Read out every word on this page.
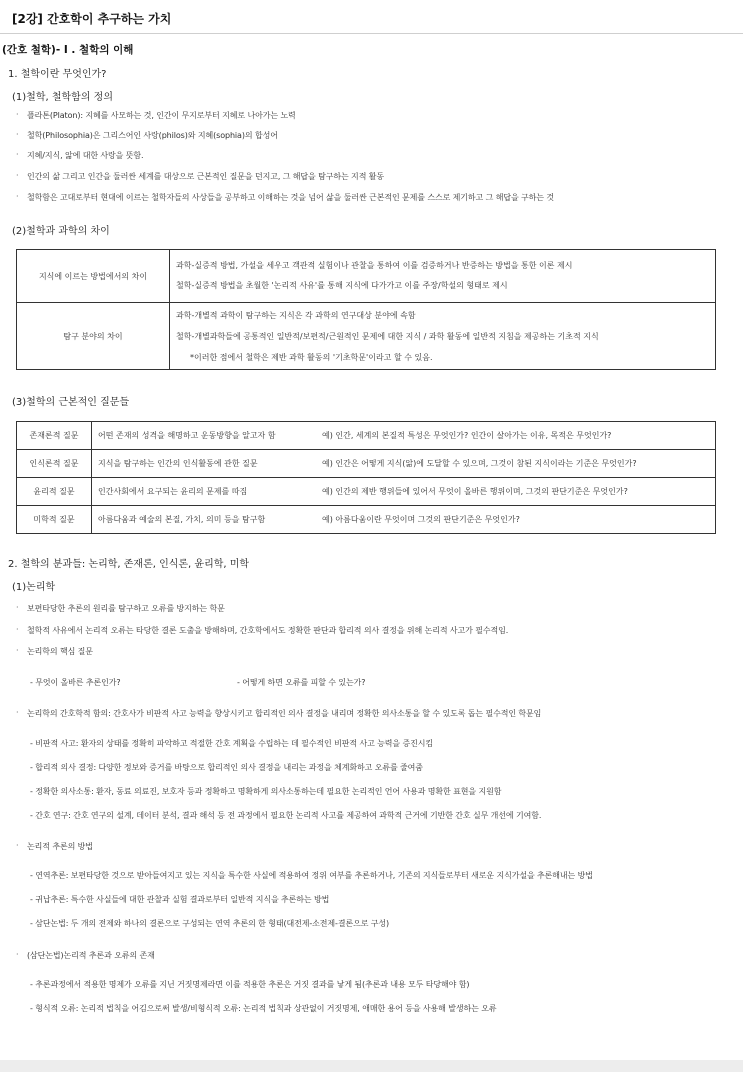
[2강] 간호학이 추구하는 가치
(간호 철학)- I . 철학의 이해
1. 철학이란 무엇인가?
(1)철학, 철학함의 정의
· 플라톤(Platon): 지혜를 사모하는 것, 인간이 무지로부터 지혜로 나아가는 노력
· 철학(Philosophia)은 그리스어인 사랑(philos)와 지혜(sophia)의 합성어
· 지혜/지식, 앎에 대한 사랑을 뜻함.
· 인간의 삶 그리고 인간을 둘러싼 세계를 대상으로 근본적인 질문을 던지고, 그 해답을 탐구하는 지적 활동
· 철학함은 고대로부터 현대에 이르는 철학자들의 사상들을 공부하고 이해하는 것을 넘어 삶을 둘러싼 근본적인 문제를 스스로 제기하고 그 해답을 구하는 것
(2)철학과 과학의 차이
지식에 이르는 방법에서의 차이	과학-실증적 방법, 가설을 세우고 객관적 실험이나 관찰을 통하여 이를 검증하거나 반증하는 방법을 통한 이론 제시
철학-실증적 방법을 초월한 '논리적 사유'를 통해 지식에 다가가고 이를 주장/학설의 형태로 제시

탐구 분야의 차이	과학-개별적 과학이 탐구하는 지식은 각 과학의 연구대상 분야에 속함
철학-개별과학들에 공통적인 일반적/보편적/근원적인 문제에 대한 지식 / 과학 활동에 일반적 지침을 제공하는 기초적 지식
*이러한 점에서 철학은 제반 과학 활동의 '기초학문'이라고 할 수 있음.
(3)철학의 근본적인 질문들
존재론적 질문	어떤 존재의 성격을 해명하고 운동방향을 알고자 함	예) 인간, 세계의 본질적 특성은 무엇인가? 인간이 살아가는 이유, 목적은 무엇인가?
인식론적 질문	지식을 탐구하는 인간의 인식활동에 관한 질문	예) 인간은 어떻게 지식(앎)에 도달할 수 있으며, 그것이 참된 지식이라는 기준은 무엇인가?
윤리적 질문	인간사회에서 요구되는 윤리의 문제를 따짐	예) 인간의 제반 행위들에 있어서 무엇이 올바른 행위이며, 그것의 판단기준은 무엇인가?
미학적 질문	아름다움과 예술의 본질, 가치, 의미 등을 탐구함	예) 아름다움이란 무엇이며 그것의 판단기준은 무엇인가?
2. 철학의 분과들: 논리학, 존재론, 인식론, 윤리학, 미학
(1)논리학
· 보편타당한 추론의 원리를 탐구하고 오류를 방지하는 학문
· 철학적 사유에서 논리적 오류는 타당한 결론 도출을 방해하며, 간호학에서도 정확한 판단과 합리적 의사 결정을 위해 논리적 사고가 필수적임.
· 논리학의 핵심 질문
- 무엇이 올바른 추론인가?	- 어떻게 하면 오류를 피할 수 있는가?
· 논리학의 간호학적 함의: 간호사가 비판적 사고 능력을 향상시키고 합리적인 의사 결정을 내리며 정확한 의사소통을 할 수 있도록 돕는 필수적인 학문임
- 비판적 사고: 환자의 상태를 정확히 파악하고 적절한 간호 계획을 수립하는 데 필수적인 비판적 사고 능력을 증진시킴
- 합리적 의사 결정: 다양한 정보와 증거를 바탕으로 합리적인 의사 결정을 내리는 과정을 체계화하고 오류를 줄여줌
- 정확한 의사소통: 환자, 동료 의료진, 보호자 등과 정확하고 명확하게 의사소통하는데 필요한 논리적인 언어 사용과 명확한 표현을 지원함
- 간호 연구: 간호 연구의 설계, 데이터 분석, 결과 해석 등 전 과정에서 필요한 논리적 사고를 제공하여 과학적 근거에 기반한 간호 실무 개선에 기여함.
· 논리적 추론의 방법
- 연역추론: 보편타당한 것으로 받아들여지고 있는 지식을 특수한 사실에 적용하여 정위 여부를 추론하거나, 기존의 지식들로부터 새로운 지식가설을 추론해내는 방법
- 귀납추론: 특수한 사실들에 대한 관찰과 실험 결과로부터 일반적 지식을 추론하는 방법
- 삼단논법: 두 개의 전제와 하나의 결론으로 구성되는 연역 추론의 한 형태(대전제-소전제-결론으로 구성)
· (삼단논법)논리적 추론과 오류의 존재
- 추론과정에서 적용한 명제가 오류를 지닌 거짓명제라면 이를 적용한 추론은 거짓 결과를 낳게 됨(추론과 내용 모두 타당해야 함)
- 형식적 오류: 논리적 법칙을 어김으로써 발생/비형식적 오류: 논리적 법칙과 상관없이 거짓명제, 애매한 용어 등을 사용해 발생하는 오류
